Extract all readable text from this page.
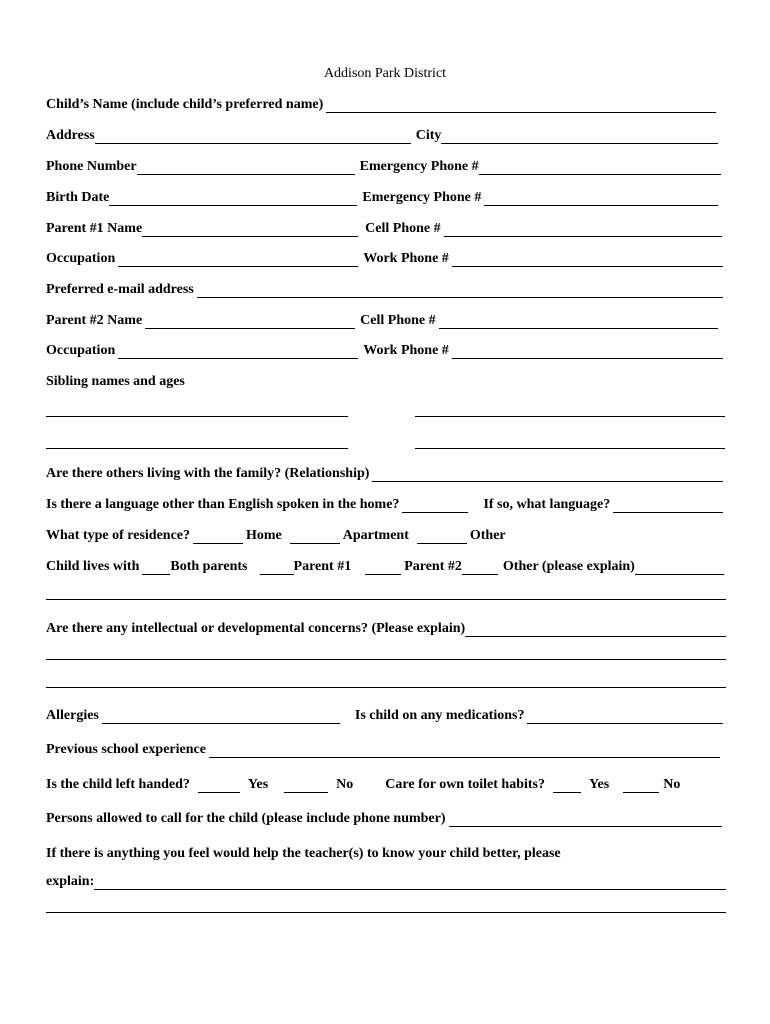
Addison Park District
Child’s Name (include child’s preferred name)
Address	City
Phone Number	Emergency Phone #
Birth Date	Emergency Phone #
Parent #1 Name	Cell Phone #
Occupation	Work Phone #
Preferred e-mail address
Parent #2 Name	Cell Phone #
Occupation	Work Phone #
Sibling names and ages
Are there others living with the family? (Relationship)
Is there a language other than English spoken in the home?	If so, what language?
What type of residence?	Home	Apartment	Other
Child lives with Both parents	Parent #1	Parent #2	Other (please explain)
Are there any intellectual or developmental concerns? (Please explain)
Allergies	Is child on any medications?
Previous school experience
Is the child left handed?	Yes	No Care for own toilet habits?	Yes	No
Persons allowed to call for the child (please include phone number)
If there is anything you feel would help the teacher(s) to know your child better, please
explain:
